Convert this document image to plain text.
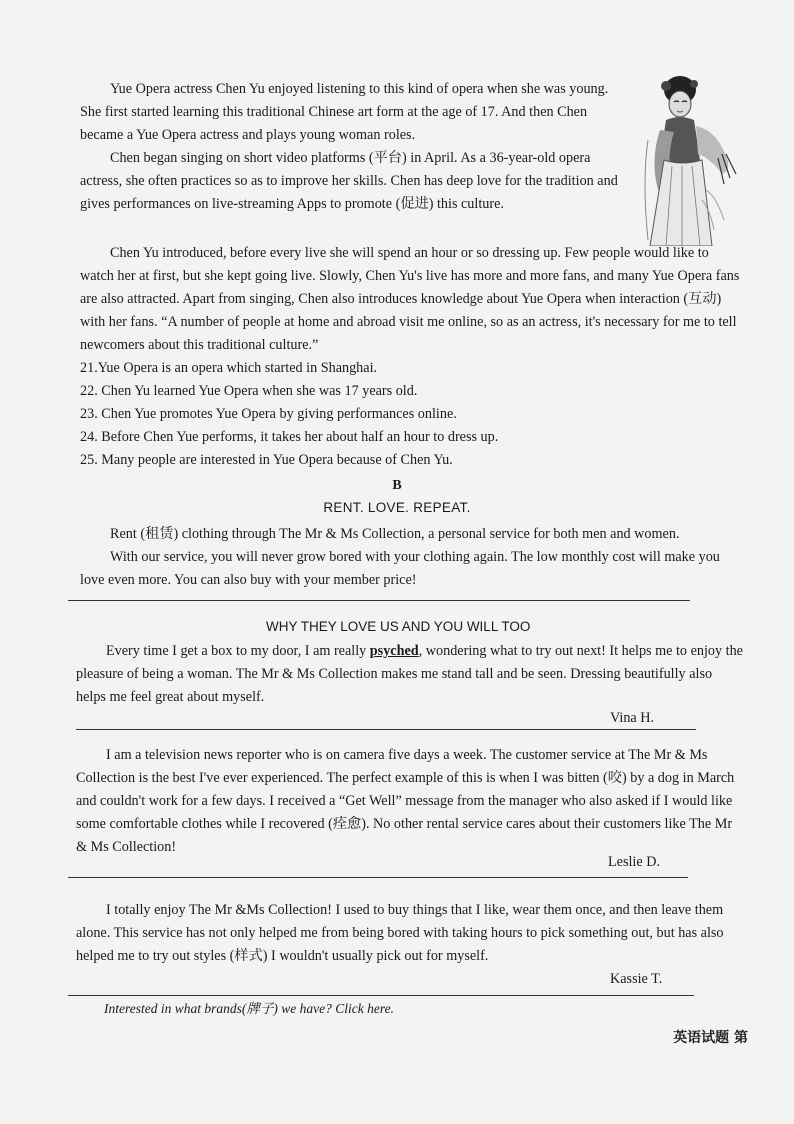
Yue Opera actress Chen Yu enjoyed listening to this kind of opera when she was young. She first started learning this traditional Chinese art form at the age of 17. And then Chen became a Yue Opera actress and plays young woman roles.

Chen began singing on short video platforms (平台) in April. As a 36-year-old opera actress, she often practices so as to improve her skills. Chen has deep love for the tradition and gives performances on live-streaming Apps to promote (促进) this culture.

Chen Yu introduced, before every live she will spend an hour or so dressing up. Few people would like to watch her at first, but she kept going live. Slowly, Chen Yu's live has more and more fans, and many Yue Opera fans are also attracted. Apart from singing, Chen also introduces knowledge about Yue Opera when interaction (互动) with her fans. “A number of people at home and abroad visit me online, so as an actress, it's necessary for me to tell newcomers about this traditional culture.”

21.Yue Opera is an opera which started in Shanghai.

22. Chen Yu learned Yue Opera when she was 17 years old.

23. Chen Yue promotes Yue Opera by giving performances online.

24. Before Chen Yue performs, it takes her about half an hour to dress up.

25. Many people are interested in Yue Opera because of Chen Yu.

B
RENT. LOVE. REPEAT.

Rent (租赁) clothing through The Mr & Ms Collection, a personal service for both men and women.

With our service, you will never grow bored with your clothing again. The low monthly cost will make you love even more. You can also buy with your member price!

WHY THEY LOVE US AND YOU WILL TOO

Every time I get a box to my door, I am really psyched, wondering what to try out next! It helps me to enjoy the pleasure of being a woman. The Mr & Ms Collection makes me stand tall and be seen. Dressing beautifully also helps me feel great about myself.

Vina H.

I am a television news reporter who is on camera five days a week. The customer service at The Mr & Ms Collection is the best I've ever experienced. The perfect example of this is when I was bitten (咬) by a dog in March and couldn't work for a few days. I received a “Get Well” message from the manager who also asked if I would like some comfortable clothes while I recovered (痊愈). No other rental service cares about their customers like The Mr & Ms Collection!

Leslie D.

I totally enjoy The Mr &Ms Collection! I used to buy things that I like, wear them once, and then leave them alone. This service has not only helped me from being bored with taking hours to pick something out, but has also helped me to try out styles (样式) I wouldn't usually pick out for myself.

Kassie T.
Interested in what brands(牌子) we have? Click here.
英语试题 第
